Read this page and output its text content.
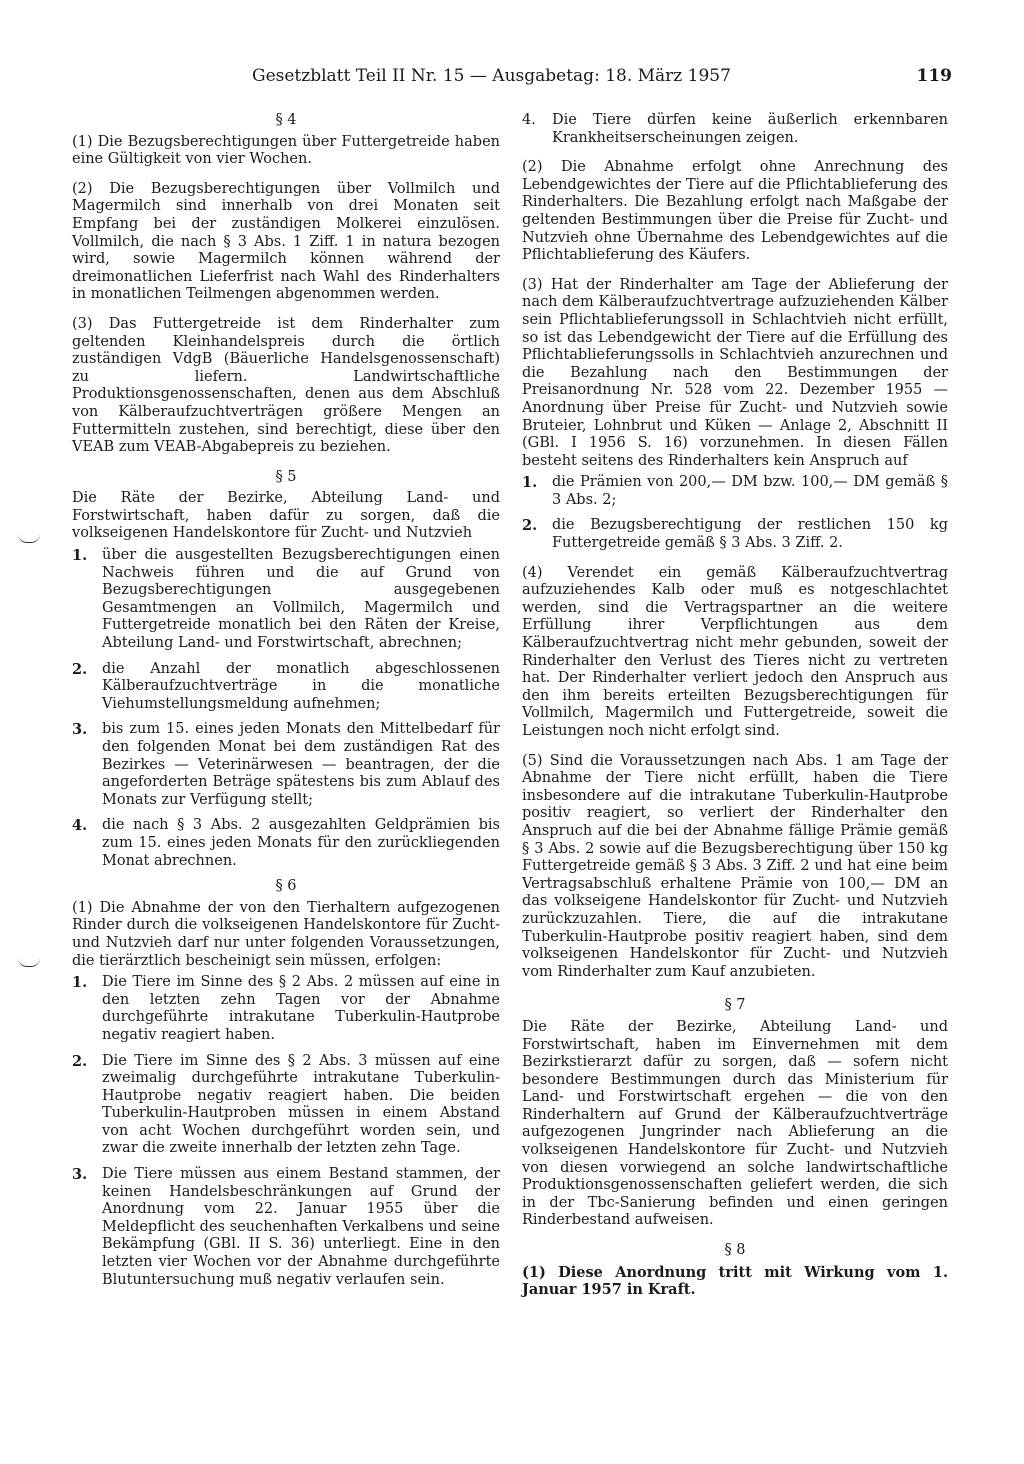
Gesetzblatt Teil II Nr. 15 — Ausgabetag: 18. März 1957	119
§ 4

(1) Die Bezugsberechtigungen über Futtergetreide haben eine Gültigkeit von vier Wochen.

(2) Die Bezugsberechtigungen über Vollmilch und Magermilch sind innerhalb von drei Monaten seit Empfang bei der zuständigen Molkerei einzulösen. Vollmilch, die nach § 3 Abs. 1 Ziff. 1 in natura bezogen wird, sowie Magermilch können während der dreimonatlichen Lieferfrist nach Wahl des Rinderhalters in monatlichen Teilmengen abgenommen werden.

(3) Das Futtergetreide ist dem Rinderhalter zum geltenden Kleinhandelspreis durch die örtlich zuständigen VdgB (Bäuerliche Handelsgenossenschaft) zu liefern. Landwirtschaftliche Produktionsgenossenschaften, denen aus dem Abschluß von Kälberaufzuchtverträgen größere Mengen an Futtermitteln zustehen, sind berechtigt, diese über den VEAB zum VEAB-Abgabepreis zu beziehen.

§ 5

Die Räte der Bezirke, Abteilung Land- und Forstwirtschaft, haben dafür zu sorgen, daß die volkseigenen Handelskontore für Zucht- und Nutzvieh

1.	über die ausgestellten Bezugsberechtigungen einen Nachweis führen und die auf Grund von Bezugsberechtigungen ausgegebenen Gesamtmengen an Vollmilch, Magermilch und Futtergetreide monatlich bei den Räten der Kreise, Abteilung Land- und Forstwirtschaft, abrechnen;
2.	die Anzahl der monatlich abgeschlossenen Kälberaufzuchtverträge in die monatliche Viehumstellungsmeldung aufnehmen;
3.	bis zum 15. eines jeden Monats den Mittelbedarf für den folgenden Monat bei dem zuständigen Rat des Bezirkes — Veterinärwesen — beantragen, der die angeforderten Beträge spätestens bis zum Ablauf des Monats zur Verfügung stellt;
4.	die nach § 3 Abs. 2 ausgezahlten Geldprämien bis zum 15. eines jeden Monats für den zurückliegenden Monat abrechnen.
§ 6

(1) Die Abnahme der von den Tierhaltern aufgezogenen Rinder durch die volkseigenen Handelskontore für Zucht- und Nutzvieh darf nur unter folgenden Voraussetzungen, die tierärztlich bescheinigt sein müssen, erfolgen:

1.	Die Tiere im Sinne des § 2 Abs. 2 müssen auf eine in den letzten zehn Tagen vor der Abnahme durchgeführte intrakutane Tuberkulin-Hautprobe negativ reagiert haben.
2.	Die Tiere im Sinne des § 2 Abs. 3 müssen auf eine zweimalig durchgeführte intrakutane Tuberkulin-Hautprobe negativ reagiert haben. Die beiden Tuberkulin-Hautproben müssen in einem Abstand von acht Wochen durchgeführt worden sein, und zwar die zweite innerhalb der letzten zehn Tage.
3.	Die Tiere müssen aus einem Bestand stammen, der keinen Handelsbeschränkungen auf Grund der Anordnung vom 22. Januar 1955 über die Meldepflicht des seuchenhaften Verkalbens und seine Bekämpfung (GBl. II S. 36) unterliegt. Eine in den letzten vier Wochen vor der Abnahme durchgeführte Blutuntersuchung muß negativ verlaufen sein.
4.	Die Tiere dürfen keine äußerlich erkennbaren Krankheitserscheinungen zeigen.

(2) Die Abnahme erfolgt ohne Anrechnung des Lebendgewichtes der Tiere auf die Pflichtablieferung des Rinderhalters. Die Bezahlung erfolgt nach Maßgabe der geltenden Bestimmungen über die Preise für Zucht- und Nutzvieh ohne Übernahme des Lebendgewichtes auf die Pflichtablieferung des Käufers.

(3) Hat der Rinderhalter am Tage der Ablieferung der nach dem Kälberaufzuchtvertrage aufzuziehenden Kälber sein Pflichtablieferungssoll in Schlachtvieh nicht erfüllt, so ist das Lebendgewicht der Tiere auf die Erfüllung des Pflichtablieferungssolls in Schlachtvieh anzurechnen und die Bezahlung nach den Bestimmungen der Preisanordnung Nr. 528 vom 22. Dezember 1955 — Anordnung über Preise für Zucht- und Nutzvieh sowie Bruteier, Lohnbrut und Küken — Anlage 2, Abschnitt II (GBl. I 1956 S. 16) vorzunehmen. In diesen Fällen besteht seitens des Rinderhalters kein Anspruch auf

1.	die Prämien von 200,— DM bzw. 100,— DM gemäß § 3 Abs. 2;
2.	die Bezugsberechtigung der restlichen 150 kg Futtergetreide gemäß § 3 Abs. 3 Ziff. 2.

(4) Verendet ein gemäß Kälberaufzuchtvertrag aufzuziehendes Kalb oder muß es notgeschlachtet werden, sind die Vertragspartner an die weitere Erfüllung ihrer Verpflichtungen aus dem Kälberaufzuchtvertrag nicht mehr gebunden, soweit der Rinderhalter den Verlust des Tieres nicht zu vertreten hat. Der Rinderhalter verliert jedoch den Anspruch aus den ihm bereits erteilten Bezugsberechtigungen für Vollmilch, Magermilch und Futtergetreide, soweit die Leistungen noch nicht erfolgt sind.

(5) Sind die Voraussetzungen nach Abs. 1 am Tage der Abnahme der Tiere nicht erfüllt, haben die Tiere insbesondere auf die intrakutane Tuberkulin-Hautprobe positiv reagiert, so verliert der Rinderhalter den Anspruch auf die bei der Abnahme fällige Prämie gemäß § 3 Abs. 2 sowie auf die Bezugsberechtigung über 150 kg Futtergetreide gemäß § 3 Abs. 3 Ziff. 2 und hat eine beim Vertragsabschluß erhaltene Prämie von 100,— DM an das volkseigene Handelskontor für Zucht- und Nutzvieh zurückzuzahlen. Tiere, die auf die intrakutane Tuberkulin-Hautprobe positiv reagiert haben, sind dem volkseigenen Handelskontor für Zucht- und Nutzvieh vom Rinderhalter zum Kauf anzubieten.

§ 7

Die Räte der Bezirke, Abteilung Land- und Forstwirtschaft, haben im Einvernehmen mit dem Bezirkstierarzt dafür zu sorgen, daß — sofern nicht besondere Bestimmungen durch das Ministerium für Land- und Forstwirtschaft ergehen — die von den Rinderhaltern auf Grund der Kälberaufzuchtverträge aufgezogenen Jungrinder nach Ablieferung an die volkseigenen Handelskontore für Zucht- und Nutzvieh von diesen vorwiegend an solche landwirtschaftliche Produktionsgenossenschaften geliefert werden, die sich in der Tbc-Sanierung befinden und einen geringen Rinderbestand aufweisen.

§ 8

(1) Diese Anordnung tritt mit Wirkung vom 1. Januar 1957 in Kraft.
